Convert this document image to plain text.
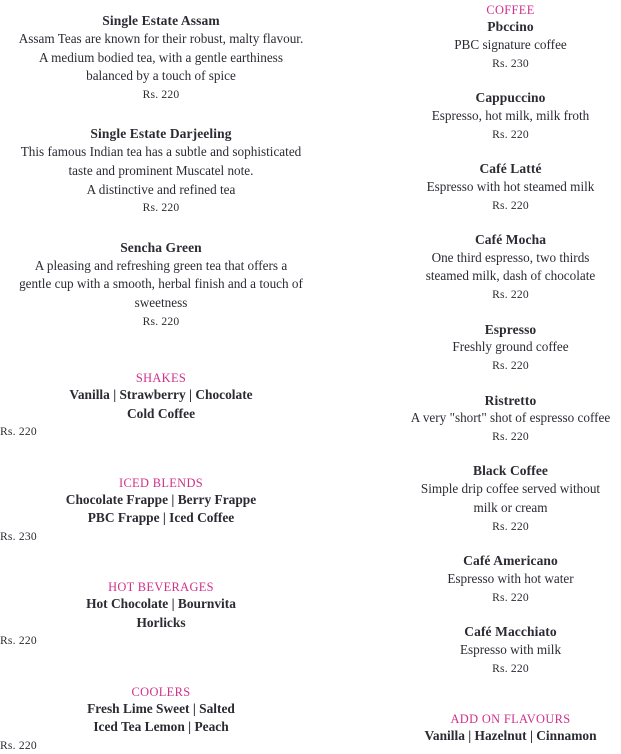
Single Estate Assam
Assam Teas are known for their robust, malty flavour.
A medium bodied tea, with a gentle earthiness
balanced by a touch of spice
Rs. 220
Single Estate Darjeeling
This famous Indian tea has a subtle and sophisticated
taste and prominent Muscatel note.
A distinctive and refined tea
Rs. 220
Sencha Green
A pleasing and refreshing green tea that offers a
gentle cup with a smooth, herbal finish and a touch of
sweetness
Rs. 220
SHAKES
Vanilla | Strawberry | Chocolate
Cold Coffee
Rs. 220
ICED BLENDS
Chocolate Frappe | Berry Frappe
PBC Frappe | Iced Coffee
Rs. 230
HOT BEVERAGES
Hot Chocolate | Bournvita
Horlicks
Rs. 220
COOLERS
Fresh Lime Sweet | Salted
Iced Tea Lemon | Peach
Rs. 220
COFFEE
Pbccino
PBC signature coffee
Rs. 230
Cappuccino
Espresso, hot milk, milk froth
Rs. 220
Café Latté
Espresso with hot steamed milk
Rs. 220
Café Mocha
One third espresso, two thirds
steamed milk, dash of chocolate
Rs. 220
Espresso
Freshly ground coffee
Rs. 220
Ristretto
A very "short" shot of espresso coffee
Rs. 220
Black Coffee
Simple drip coffee served without
milk or cream
Rs. 220
Café Americano
Espresso with hot water
Rs. 220
Café Macchiato
Espresso with milk
Rs. 220
ADD ON FLAVOURS
Vanilla | Hazelnut | Cinnamon
